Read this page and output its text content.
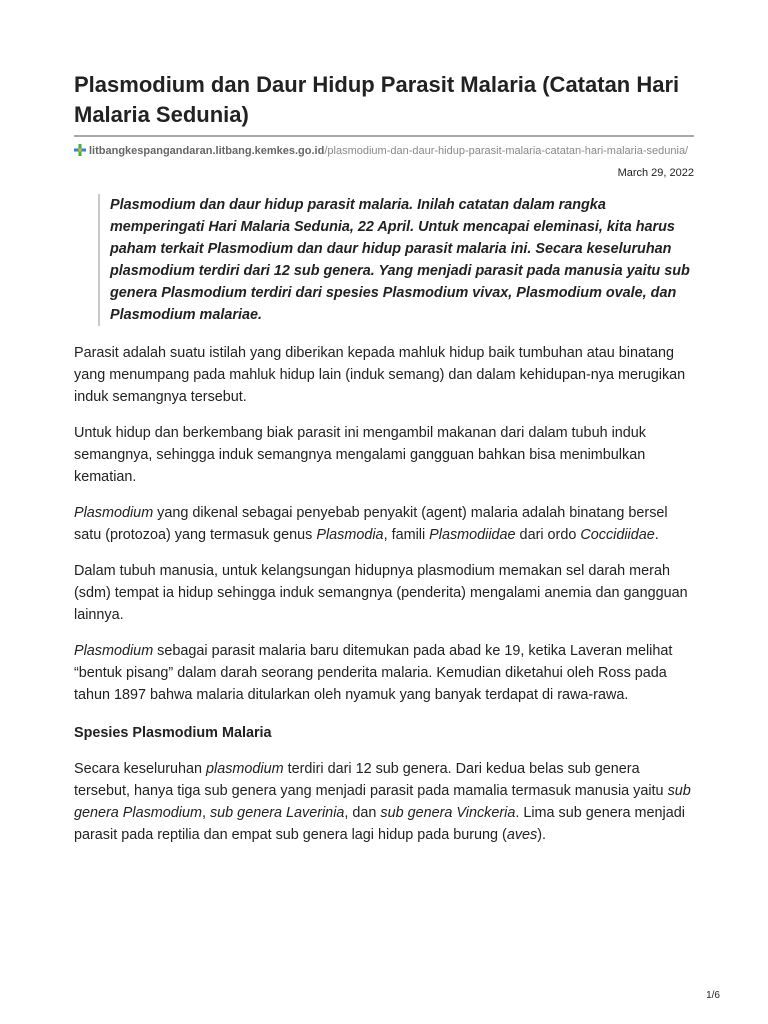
Plasmodium dan Daur Hidup Parasit Malaria (Catatan Hari Malaria Sedunia)
litbangkespangandaran.litbang.kemkes.go.id/plasmodium-dan-daur-hidup-parasit-malaria-catatan-hari-malaria-sedunia/
March 29, 2022
Plasmodium dan daur hidup parasit malaria. Inilah catatan dalam rangka memperingati Hari Malaria Sedunia, 22 April. Untuk mencapai eleminasi, kita harus paham terkait Plasmodium dan daur hidup parasit malaria ini. Secara keseluruhan plasmodium terdiri dari 12 sub genera. Yang menjadi parasit pada manusia yaitu sub genera Plasmodium terdiri dari spesies Plasmodium vivax, Plasmodium ovale, dan Plasmodium malariae.

Parasit adalah suatu istilah yang diberikan kepada mahluk hidup baik tumbuhan atau binatang yang menumpang pada mahluk hidup lain (induk semang) dan dalam kehidupan-nya merugikan induk semangnya tersebut.

Untuk hidup dan berkembang biak parasit ini mengambil makanan dari dalam tubuh induk semangnya, sehingga induk semangnya mengalami gangguan bahkan bisa menimbulkan kematian.

Plasmodium yang dikenal sebagai penyebab penyakit (agent) malaria adalah binatang bersel satu (protozoa) yang termasuk genus Plasmodia, famili Plasmodiidae dari ordo Coccidiidae.

Dalam tubuh manusia, untuk kelangsungan hidupnya plasmodium memakan sel darah merah (sdm) tempat ia hidup sehingga induk semangnya (penderita) mengalami anemia dan gangguan lainnya.

Plasmodium sebagai parasit malaria baru ditemukan pada abad ke 19, ketika Laveran melihat “bentuk pisang” dalam darah seorang penderita malaria. Kemudian diketahui oleh Ross pada tahun 1897 bahwa malaria ditularkan oleh nyamuk yang banyak terdapat di rawa-rawa.

Spesies Plasmodium Malaria

Secara keseluruhan plasmodium terdiri dari 12 sub genera. Dari kedua belas sub genera tersebut, hanya tiga sub genera yang menjadi parasit pada mamalia termasuk manusia yaitu sub genera Plasmodium, sub genera Laverinia, dan sub genera Vinckeria. Lima sub genera menjadi parasit pada reptilia dan empat sub genera lagi hidup pada burung (aves).

1/6
